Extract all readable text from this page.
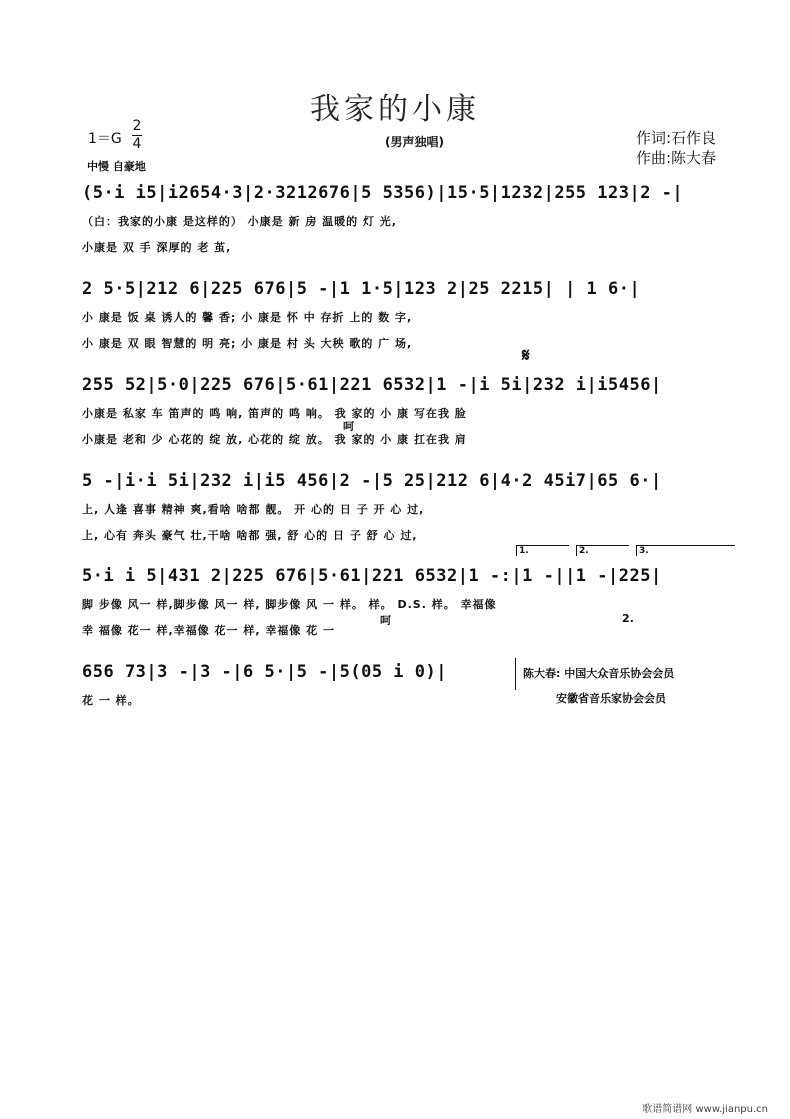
我家的小康
(男声独唱)	作词:石作良
作曲:陈大春
1＝G
2
4
中慢 自豪地
(5·i i5|i2654·3|2·3212676|5 5356)|15·5|1232|255 123|2 -|
（白：我家的小康 是这样的） 小康是 新 房 温暖的 灯 光,
小康是 双 手 深厚的 老 茧,
2 5·5|212 6|225 676|5 -|1 1·5|123 2|25 2215| | 1 6·|
小 康是 饭 桌 诱人的 馨 香; 小 康是 怀 中 存折 上的 数 字,
小 康是 双 眼 智慧的 明 亮; 小 康是 村 头 大秧 歌的 广 场,
𝄋
255 52|5·0|225 676|5·61|221 6532|1 -|i 5i|232 i|i5456|
小康是 私家 车 笛声的 鸣 响, 笛声的 鸣 响。 我 家的 小 康 写在我 脸
小康是 老和 少 心花的 绽 放, 心花的 绽 放。 我 家的 小 康 扛在我 肩
呵
5 -|i·i 5i|232 i|i5 456|2 -|5 25|212 6|4·2 45i7|65 6·|
上, 人逢 喜事 精神 爽,看啥 啥都 靓。 开 心的 日 子 开 心 过,
上, 心有 奔头 豪气 壮,干啥 啥都 强, 舒 心的 日 子 舒 心 过,
1.	2.	3.
5·i i 5|431 2|225 676|5·61|221 6532|1 -:|1 -||1 -|225|
脚 步像 风一 样,脚步像 风一 样, 脚步像 风 一 样。 样。 D.S. 样。 幸福像
幸 福像 花一 样,幸福像 花一 样, 幸福像 花 一
呵	2.
656 73|3 -|3 -|6 5·|5 -|5(05 i 0)|
花 一 样。
陈大春: 中国大众音乐协会会员
安徽省音乐家协会会员
歌谱简谱网 www.jianpu.cn
